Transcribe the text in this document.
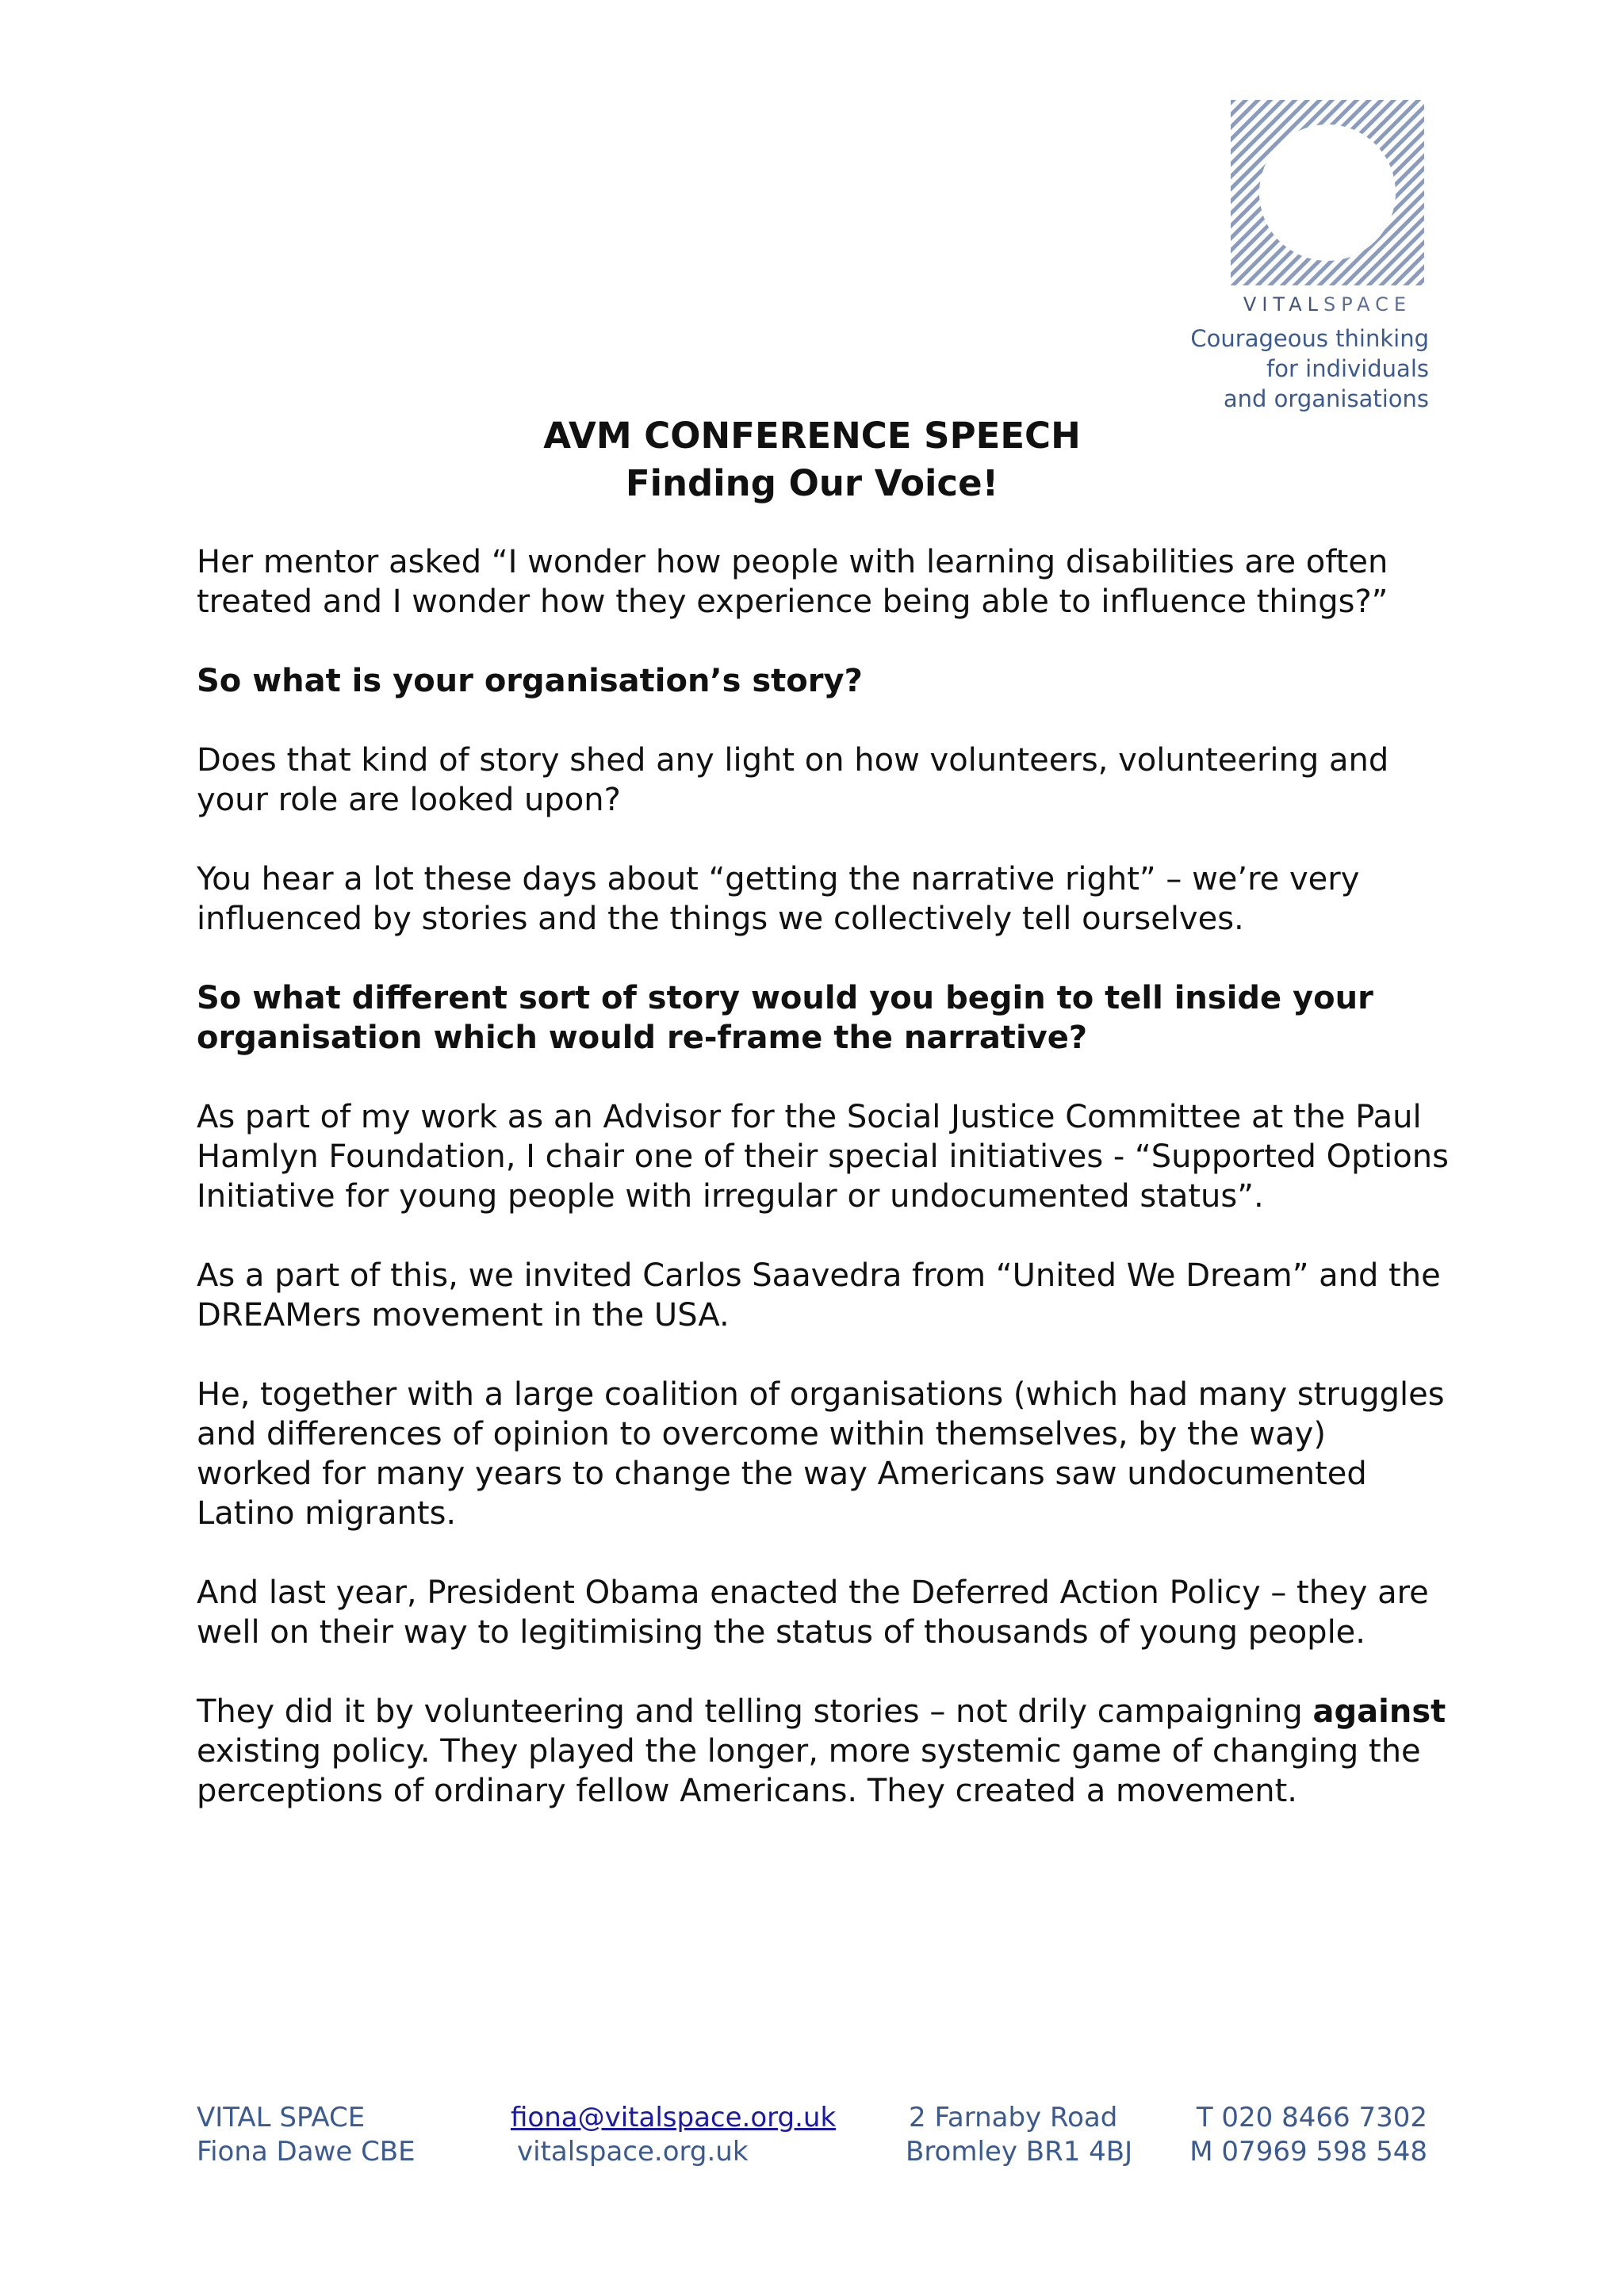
VITALSPACE
Courageous thinking
for individuals
and organisations
AVM CONFERENCE SPEECH
Finding Our Voice!

Her mentor asked “I wonder how people with learning disabilities are often treated and I wonder how they experience being able to influence things?”

So what is your organisation’s story?

Does that kind of story shed any light on how volunteers, volunteering and your role are looked upon?

You hear a lot these days about “getting the narrative right” – we’re very influenced by stories and the things we collectively tell ourselves.

So what different sort of story would you begin to tell inside your organisation which would re-frame the narrative?

As part of my work as an Advisor for the Social Justice Committee at the Paul Hamlyn Foundation, I chair one of their special initiatives - “Supported Options Initiative for young people with irregular or undocumented status”.

As a part of this, we invited Carlos Saavedra from “United We Dream” and the DREAMers movement in the USA.

He, together with a large coalition of organisations (which had many struggles and differences of opinion to overcome within themselves, by the way) worked for many years to change the way Americans saw undocumented Latino migrants.

And last year, President Obama enacted the Deferred Action Policy – they are well on their way to legitimising the status of thousands of young people.

They did it by volunteering and telling stories – not drily campaigning against existing policy. They played the longer, more systemic game of changing the perceptions of ordinary fellow Americans. They created a movement.

VITAL SPACE
Fiona Dawe CBE
fiona@vitalspace.org.uk
vitalspace.org.uk
2 Farnaby Road
Bromley BR1 4BJ
T 020 8466 7302
M 07969 598 548
